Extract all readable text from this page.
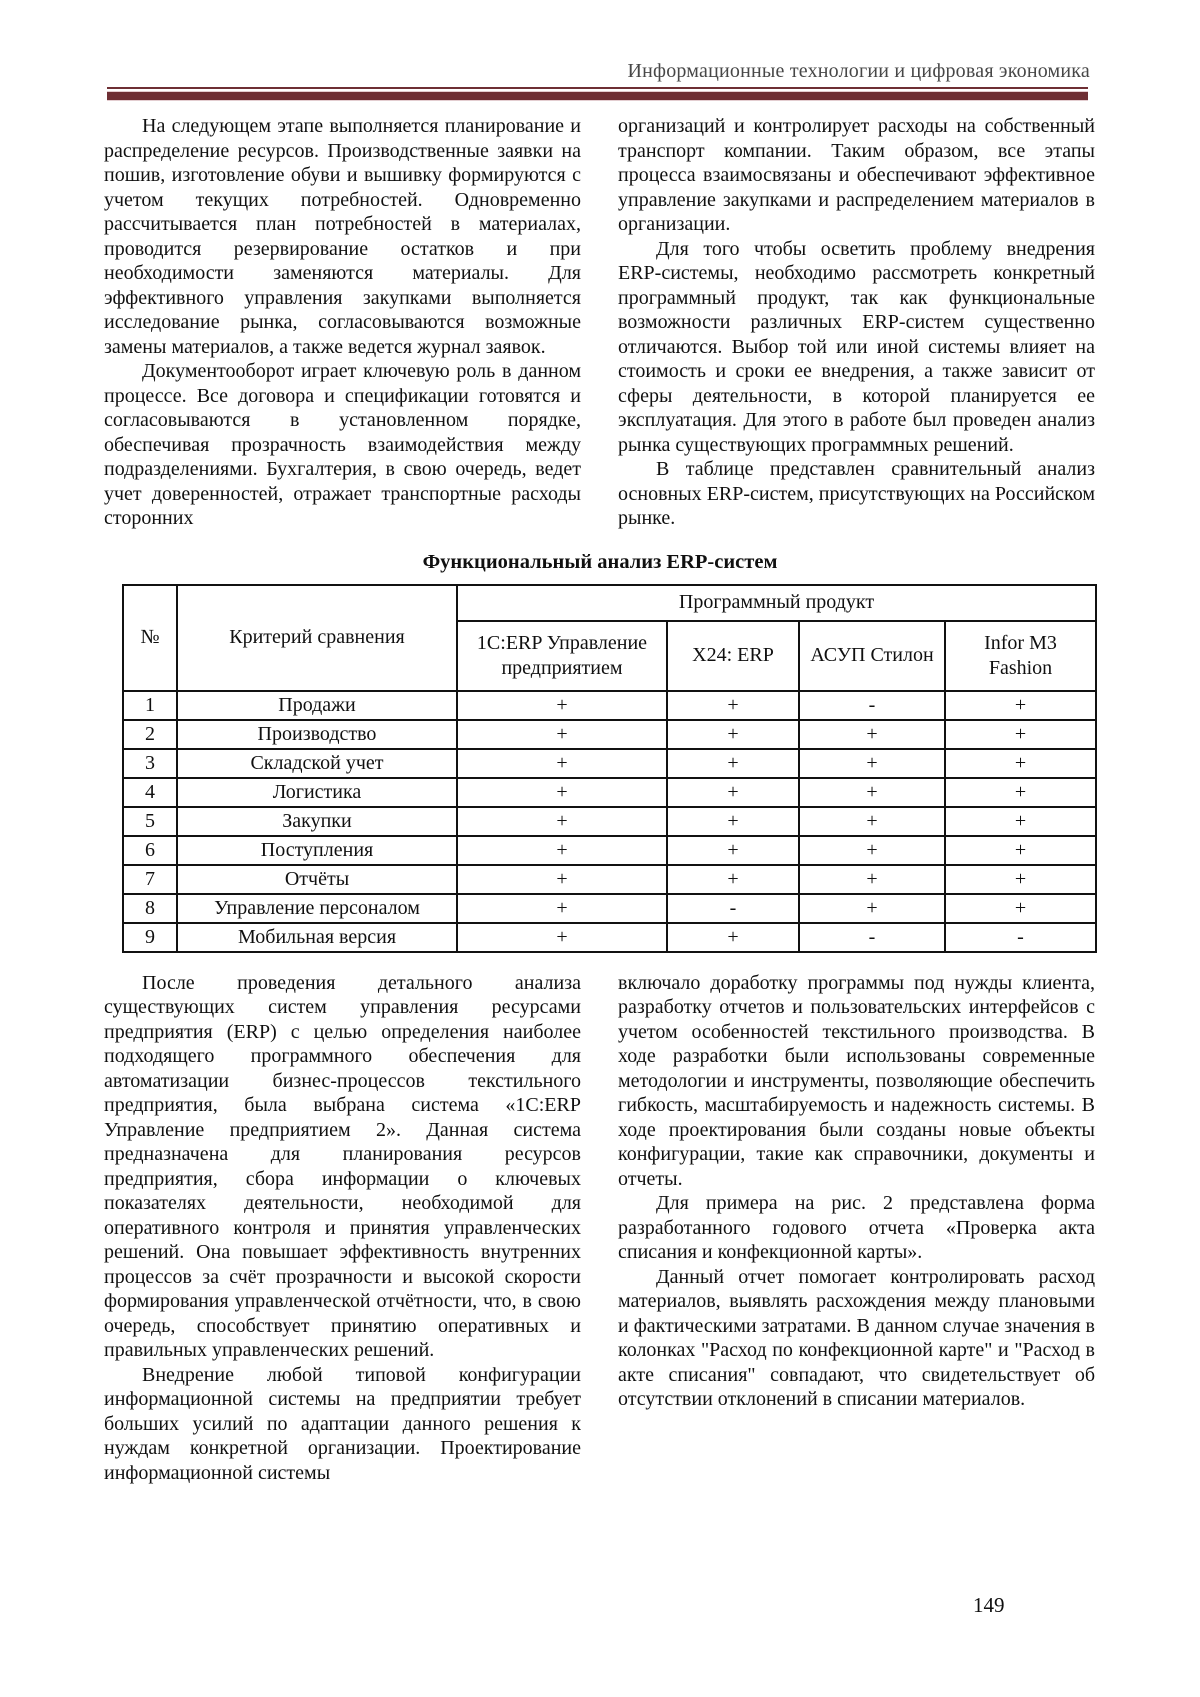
Информационные технологии и цифровая экономика

На следующем этапе выполняется планирование и распределение ресурсов. Производственные заявки на пошив, изготовление обуви и вышивку формируются с учетом текущих потребностей. Одновременно рассчитывается план потребностей в материалах, проводится резервирование остатков и при необходимости заменяются материалы. Для эффективного управления закупками выполняется исследование рынка, согласовываются возможные замены материалов, а также ведется журнал заявок.

Документооборот играет ключевую роль в данном процессе. Все договора и спецификации готовятся и согласовываются в установленном порядке, обеспечивая прозрачность взаимодействия между подразделениями. Бухгалтерия, в свою очередь, ведет учет доверенностей, отражает транспортные расходы сторонних

организаций и контролирует расходы на собственный транспорт компании. Таким образом, все этапы процесса взаимосвязаны и обеспечивают эффективное управление закупками и распределением материалов в организации.

Для того чтобы осветить проблему внедрения ERP-системы, необходимо рассмотреть конкретный программный продукт, так как функциональные возможности различных ERP-систем существенно отличаются. Выбор той или иной системы влияет на стоимость и сроки ее внедрения, а также зависит от сферы деятельности, в которой планируется ее эксплуатация. Для этого в работе был проведен анализ рынка существующих программных решений.

В таблице представлен сравнительный анализ основных ERP-систем, присутствующих на Российском рынке.

Функциональный анализ ERP-систем
№	Критерий сравнения	Программный продукт			
		1С:ERP Управление предприятием	X24: ERP	АСУП Стилон	Infor M3 Fashion
1	Продажи	+	+	-	+
2	Производство	+	+	+	+
3	Складской учет	+	+	+	+
4	Логистика	+	+	+	+
5	Закупки	+	+	+	+
6	Поступления	+	+	+	+
7	Отчёты	+	+	+	+
8	Управление персоналом	+	-	+	+
9	Мобильная версия	+	+	-	-

После проведения детального анализа существующих систем управления ресурсами предприятия (ERP) с целью определения наиболее подходящего программного обеспечения для автоматизации бизнес-процессов текстильного предприятия, была выбрана система «1С:ERP Управление предприятием 2». Данная система предназначена для планирования ресурсов предприятия, сбора информации о ключевых показателях деятельности, необходимой для оперативного контроля и принятия управленческих решений. Она повышает эффективность внутренних процессов за счёт прозрачности и высокой скорости формирования управленческой отчётности, что, в свою очередь, способствует принятию оперативных и правильных управленческих решений.

Внедрение любой типовой конфигурации информационной системы на предприятии требует больших усилий по адаптации данного решения к нуждам конкретной организации. Проектирование информационной системы

включало доработку программы под нужды клиента, разработку отчетов и пользовательских интерфейсов с учетом особенностей текстильного производства. В ходе разработки были использованы современные методологии и инструменты, позволяющие обеспечить гибкость, масштабируемость и надежность системы. В ходе проектирования были созданы новые объекты конфигурации, такие как справочники, документы и отчеты.

Для примера на рис. 2 представлена форма разработанного годового отчета «Проверка акта списания и конфекционной карты».

Данный отчет помогает контролировать расход материалов, выявлять расхождения между плановыми и фактическими затратами. В данном случае значения в колонках "Расход по конфекционной карте" и "Расход в акте списания" совпадают, что свидетельствует об отсутствии отклонений в списании материалов.

149
